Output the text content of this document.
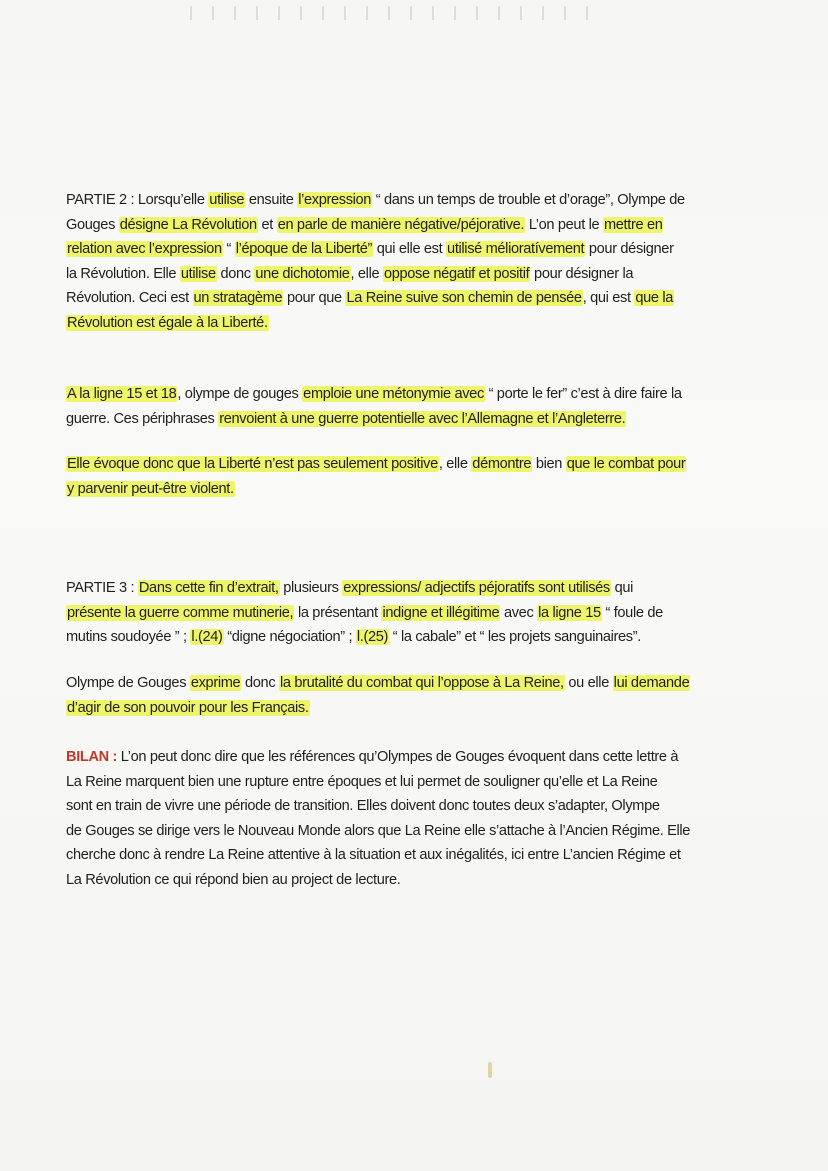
PARTIE 2 : Lorsqu’elle utilise ensuite l’expression “ dans un temps de trouble et d’orage”, Olympe de
Gouges désigne La Révolution et en parle de manière négative/péjorative. L’on peut le mettre en
relation avec l’expression “ l’époque de la Liberté” qui elle est utilisé mélioratívement pour désigner
la Révolution. Elle utilise donc une dichotomie, elle oppose négatif et positif pour désigner la
Révolution. Ceci est un stratagème pour que La Reine suive son chemin de pensée, qui est que la
Révolution est égale à la Liberté.
A la ligne 15 et 18, olympe de gouges emploie une métonymie avec “ porte le fer” c’est à dire faire la
guerre. Ces périphrases renvoient à une guerre potentielle avec l’Allemagne et l’Angleterre.
Elle évoque donc que la Liberté n’est pas seulement positive, elle démontre bien que le combat pour
y parvenir peut-être violent.
PARTIE 3 : Dans cette fin d’extrait, plusieurs expressions/ adjectifs péjoratifs sont utilisés qui
présente la guerre comme mutinerie, la présentant indigne et illégitime avec la ligne 15 “ foule de
mutins soudoyée ” ; l.(24) “digne négociation” ; l.(25) “ la cabale” et “ les projets sanguinaires”.
Olympe de Gouges exprime donc la brutalité du combat qui l’oppose à La Reine, ou elle lui demande
d’agir de son pouvoir pour les Français.
BILAN : L’on peut donc dire que les références qu’Olympes de Gouges évoquent dans cette lettre à
La Reine marquent bien une rupture entre époques et lui permet de souligner qu’elle et La Reine
sont en train de vivre une période de transition. Elles doivent donc toutes deux s’adapter, Olympe
de Gouges se dirige vers le Nouveau Monde alors que La Reine elle s’attache à l’Ancien Régime. Elle
cherche donc à rendre La Reine attentive à la situation et aux inégalités, ici entre L’ancien Régime et
La Révolution ce qui répond bien au project de lecture.
